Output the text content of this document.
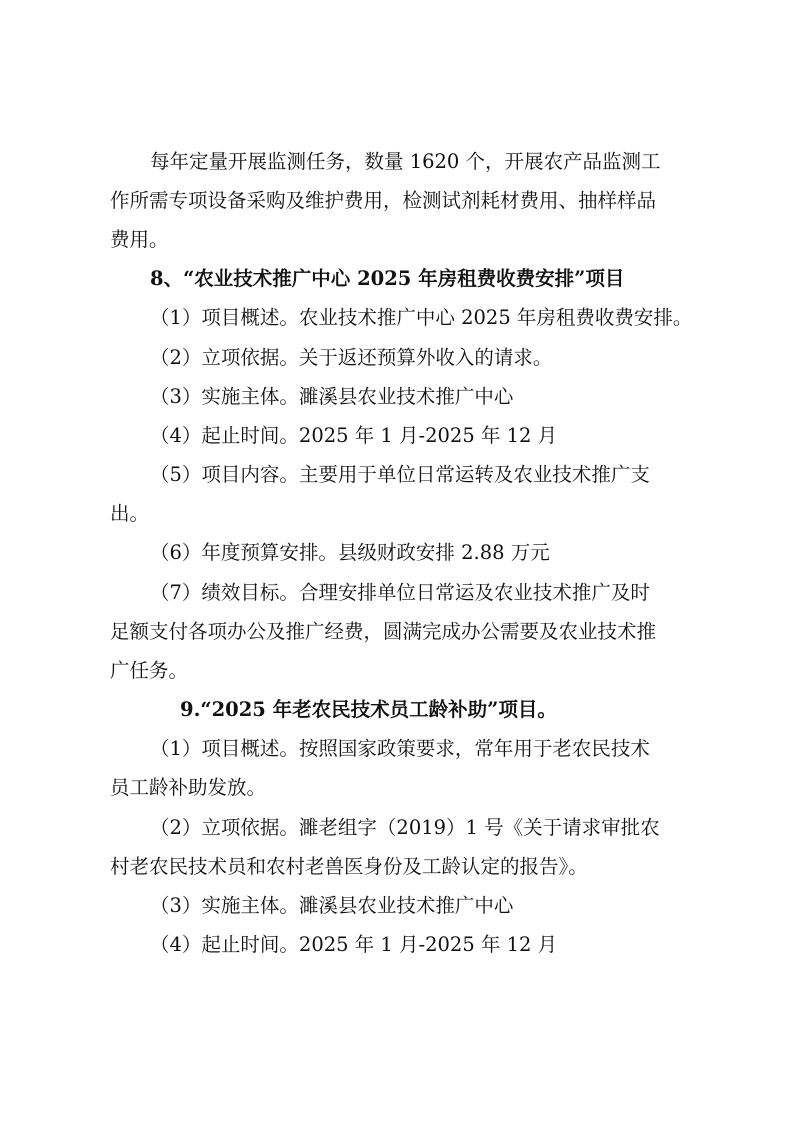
每年定量开展监测任务，数量 1620 个，开展农产品监测工
作所需专项设备采购及维护费用，检测试剂耗材费用、抽样样品
费用。
8、“农业技术推广中心 2025 年房租费收费安排”项目
（1）项目概述。农业技术推广中心 2025 年房租费收费安排。
（2）立项依据。关于返还预算外收入的请求。
（3）实施主体。濉溪县农业技术推广中心
（4）起止时间。2025 年 1 月-2025 年 12 月
（5）项目内容。主要用于单位日常运转及农业技术推广支
出。
（6）年度预算安排。县级财政安排 2.88 万元
（7）绩效目标。合理安排单位日常运及农业技术推广及时
足额支付各项办公及推广经费，圆满完成办公需要及农业技术推
广任务。
9.“2025 年老农民技术员工龄补助”项目。
（1）项目概述。按照国家政策要求，常年用于老农民技术
员工龄补助发放。
（2）立项依据。濉老组字（2019）1 号《关于请求审批农
村老农民技术员和农村老兽医身份及工龄认定的报告》。
（3）实施主体。濉溪县农业技术推广中心
（4）起止时间。2025 年 1 月-2025 年 12 月
